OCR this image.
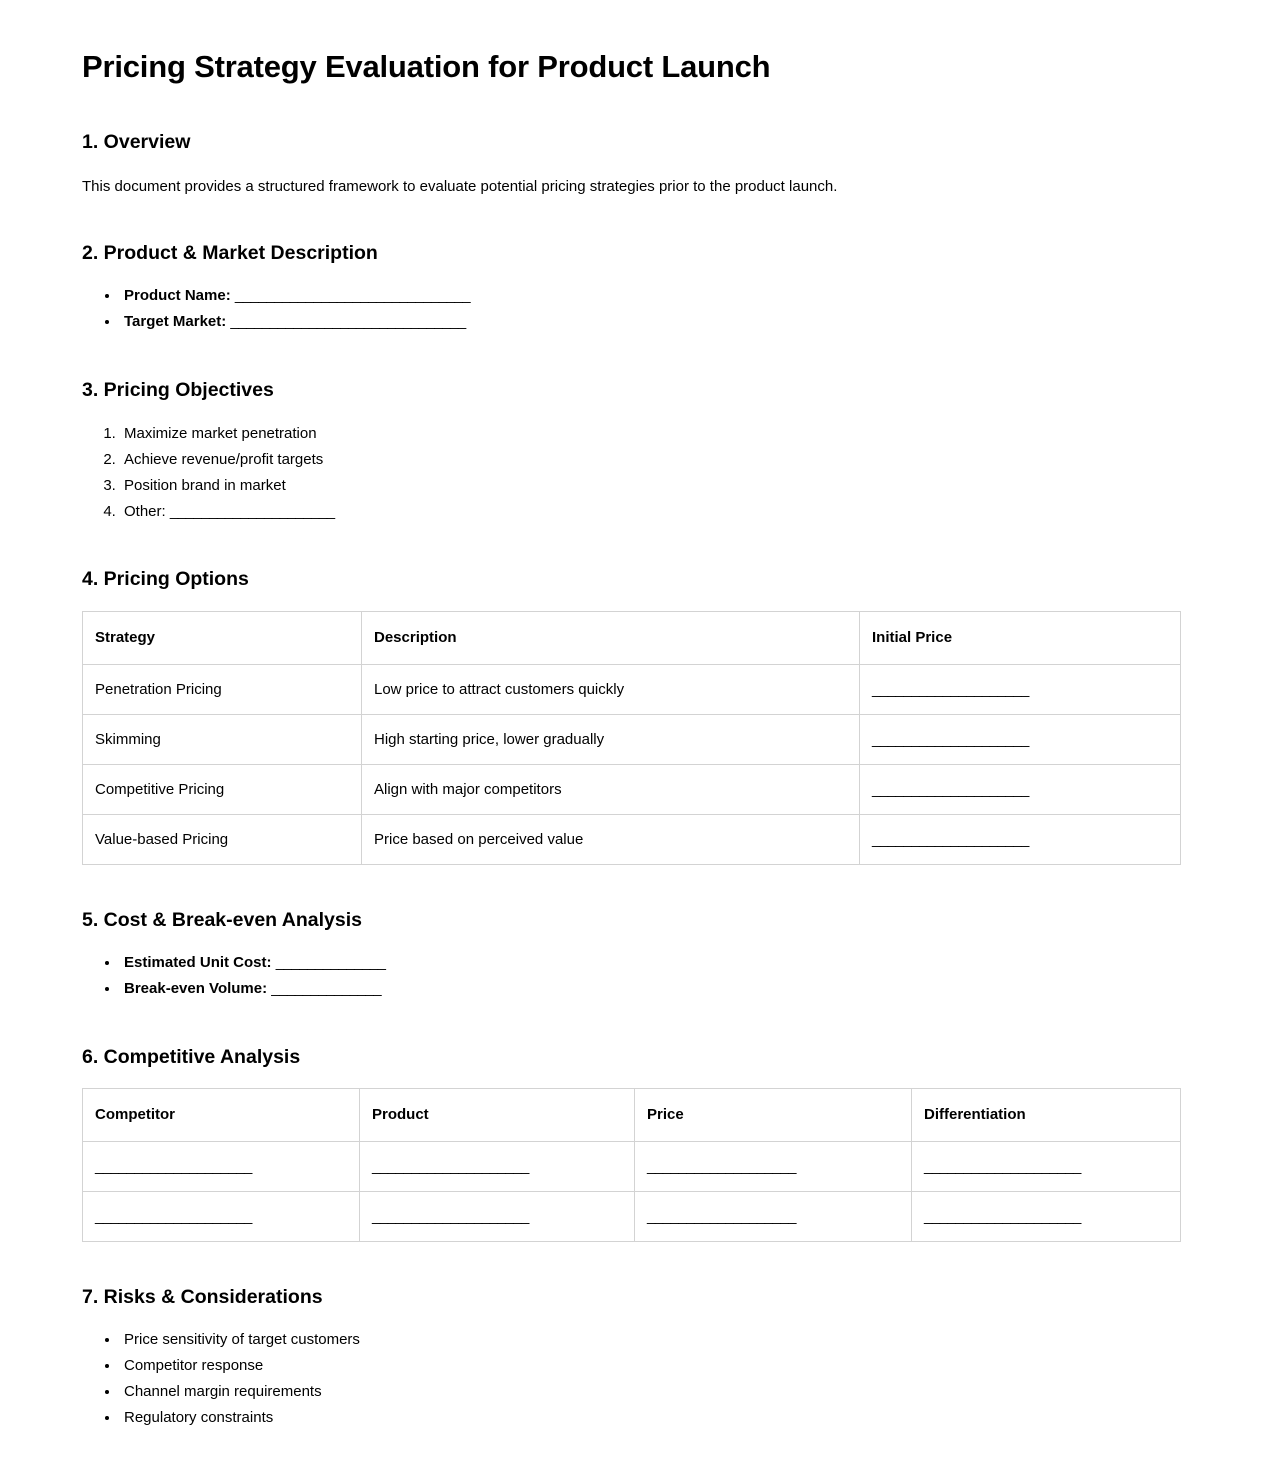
Pricing Strategy Evaluation for Product Launch
1. Overview

This document provides a structured framework to evaluate potential pricing strategies prior to the product launch.

2. Product & Market Description
• Product Name: ______________________________
• Target Market: ______________________________
3. Pricing Objectives
1. Maximize market penetration
2. Achieve revenue/profit targets
3. Position brand in market
4. Other: _____________________
4. Pricing Options
Strategy	Description	Initial Price
Penetration Pricing	Low price to attract customers quickly	____________________
Skimming	High starting price, lower gradually	____________________
Competitive Pricing	Align with major competitors	____________________
Value-based Pricing	Price based on perceived value	____________________
5. Cost & Break-even Analysis
• Estimated Unit Cost: ______________
• Break-even Volume: ______________
6. Competitive Analysis
Competitor	Product	Price	Differentiation
____________________	____________________	___________________	____________________
____________________	____________________	___________________	____________________
7. Risks & Considerations
• Price sensitivity of target customers
• Competitor response
• Channel margin requirements
• Regulatory constraints
